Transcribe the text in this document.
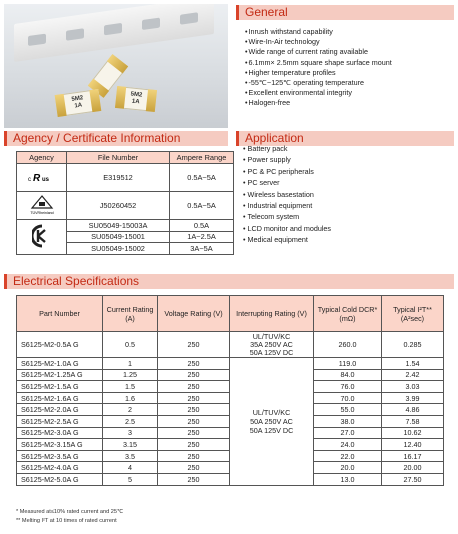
5M2
1A
5M2
1A
General
• Inrush withstand capability
• Wire-In-Air technology
• Wide range of current rating available
• 6.1mm× 2.5mm square shape surface mount
• Higher temperature profiles
• -55℃~125℃ operating temperature
• Excellent environmental integrity
• Halogen-free
Agency / Certificate Information
Agency	File Number	Ampere Range

c R us	E319512	0.5A~5A

TÜVRheinland	J50260452	0.5A~5A
	SU05049-15003A	0.5A
	SU05049-15001	1A~2.5A
	SU05049-15002	3A~5A
Application
• Battery pack
• Power supply
• PC & PC peripherals
• PC server
• Wireless basestation
• Industrial equipment
• Telecom system
• LCD monitor and modules
• Medical equipment
Electrical Specifications
Part Number	Current Rating (A)	Voltage Rating (V)	Interrupting Rating (V)	Typical Cold DCR* (mΩ)	Typical I²T** (A²sec)
S6125-M2-0.5A G	0.5	250	UL/TUV/KC
35A 250V AC
50A 125V DC	260.0	0.285
S6125-M2-1.0A G	1	250	UL/TUV/KC
50A 250V AC
50A 125V DC	119.0	1.54
S6125-M2-1.25A G	1.25	250		84.0	2.42
S6125-M2-1.5A G	1.5	250		76.0	3.03
S6125-M2-1.6A G	1.6	250		70.0	3.99
S6125-M2-2.0A G	2	250		55.0	4.86
S6125-M2-2.5A G	2.5	250		38.0	7.58
S6125-M2-3.0A G	3	250		27.0	10.62
S6125-M2-3.15A G	3.15	250		24.0	12.40
S6125-M2-3.5A G	3.5	250		22.0	16.17
S6125-M2-4.0A G	4	250		20.0	20.00
S6125-M2-5.0A G	5	250		13.0	27.50
* Measured at≤10% rated current and 25℃
** Melting I²T at 10 times of rated current
